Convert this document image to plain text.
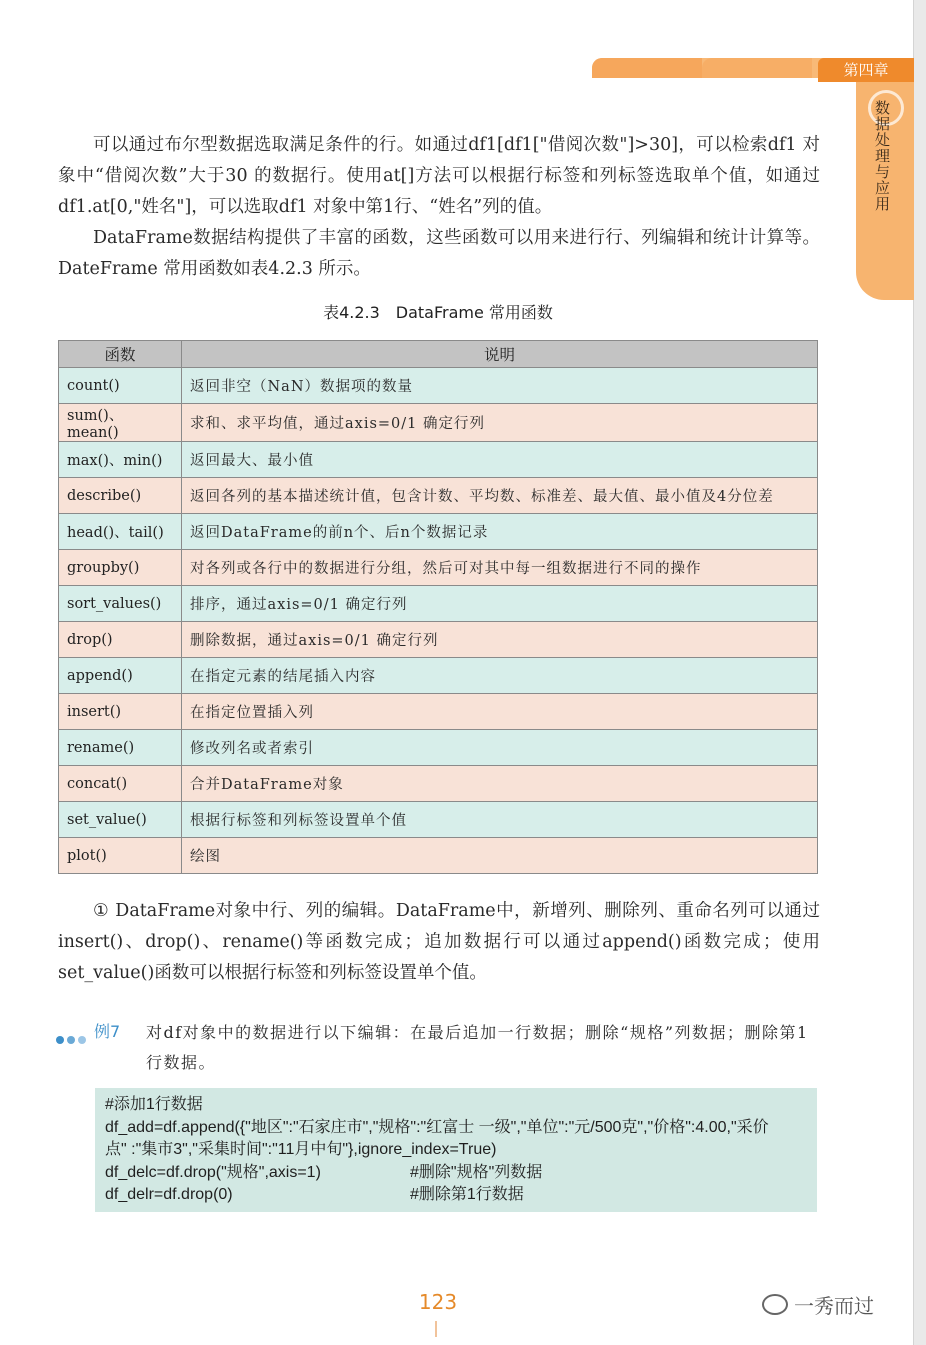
第四章
数据处理与应用

可以通过布尔型数据选取满足条件的行。如通过df1[df1["借阅次数"]>30]，可以检索df1 对象中“借阅次数”大于30 的数据行。使用at[]方法可以根据行标签和列标签选取单个值，如通过df1.at[0,"姓名"]，可以选取df1 对象中第1行、“姓名”列的值。

DataFrame数据结构提供了丰富的函数，这些函数可以用来进行行、列编辑和统计计算等。DateFrame 常用函数如表4.2.3 所示。

表4.2.3　DataFrame 常用函数
函数	说明
count()	返回非空（NaN）数据项的数量
sum()、mean()	求和、求平均值，通过axis=0/1 确定行列
max()、min()	返回最大、最小值
describe()	返回各列的基本描述统计值，包含计数、平均数、标准差、最大值、最小值及4分位差
head()、tail()	返回DataFrame的前n个、后n个数据记录
groupby()	对各列或各行中的数据进行分组，然后可对其中每一组数据进行不同的操作
sort_values()	排序，通过axis=0/1 确定行列
drop()	删除数据，通过axis=0/1 确定行列
append()	在指定元素的结尾插入内容
insert()	在指定位置插入列
rename()	修改列名或者索引
concat()	合并DataFrame对象
set_value()	根据行标签和列标签设置单个值
plot()	绘图

① DataFrame对象中行、列的编辑。DataFrame中，新增列、删除列、重命名列可以通过insert()、drop()、rename()等函数完成；追加数据行可以通过append()函数完成；使用set_value()函数可以根据行标签和列标签设置单个值。

例7 对df对象中的数据进行以下编辑：在最后追加一行数据；删除“规格”列数据；删除第1 行数据。
#添加1行数据
df_add=df.append({"地区":"石家庄市","规格":"红富士 一级","单位":"元/500克","价格":4.00,"采价
点" :"集市3","采集时间":"11月中旬"},ignore_index=True)
df_delc=df.drop("规格",axis=1)	#删除"规格"列数据
df_delr=df.drop(0)	#删除第1行数据
123	一秀而过
